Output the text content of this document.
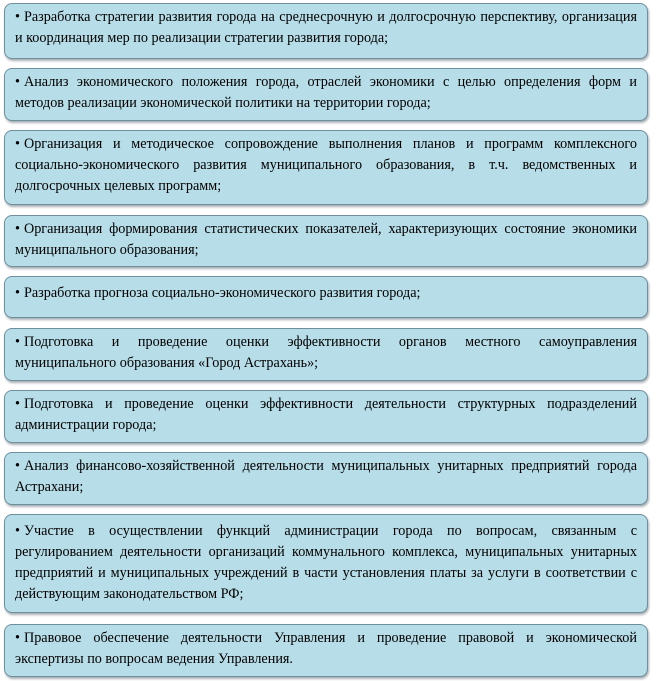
• Разработка стратегии развития города на среднесрочную и долгосрочную перспективу, организация и координация мер по реализации стратегии развития города;
• Анализ экономического положения города, отраслей экономики с целью определения форм и методов реализации экономической политики на территории города;
• Организация и методическое сопровождение выполнения планов и программ комплексного социально-экономического развития муниципального образования, в т.ч. ведомственных и долгосрочных целевых программ;
• Организация формирования статистических показателей, характеризующих состояние экономики муниципального образования;
• Разработка прогноза социально-экономического развития города;
• Подготовка и проведение оценки эффективности органов местного самоуправления муниципального образования «Город Астрахань»;
• Подготовка и проведение оценки эффективности деятельности структурных подразделений администрации города;
• Анализ финансово-хозяйственной деятельности муниципальных унитарных предприятий города Астрахани;
• Участие в осуществлении функций администрации города по вопросам, связанным с регулированием деятельности организаций коммунального комплекса, муниципальных унитарных предприятий и муниципальных учреждений в части установления платы за услуги в соответствии с действующим законодательством РФ;
• Правовое обеспечение деятельности Управления и проведение правовой и экономической экспертизы по вопросам ведения Управления.
